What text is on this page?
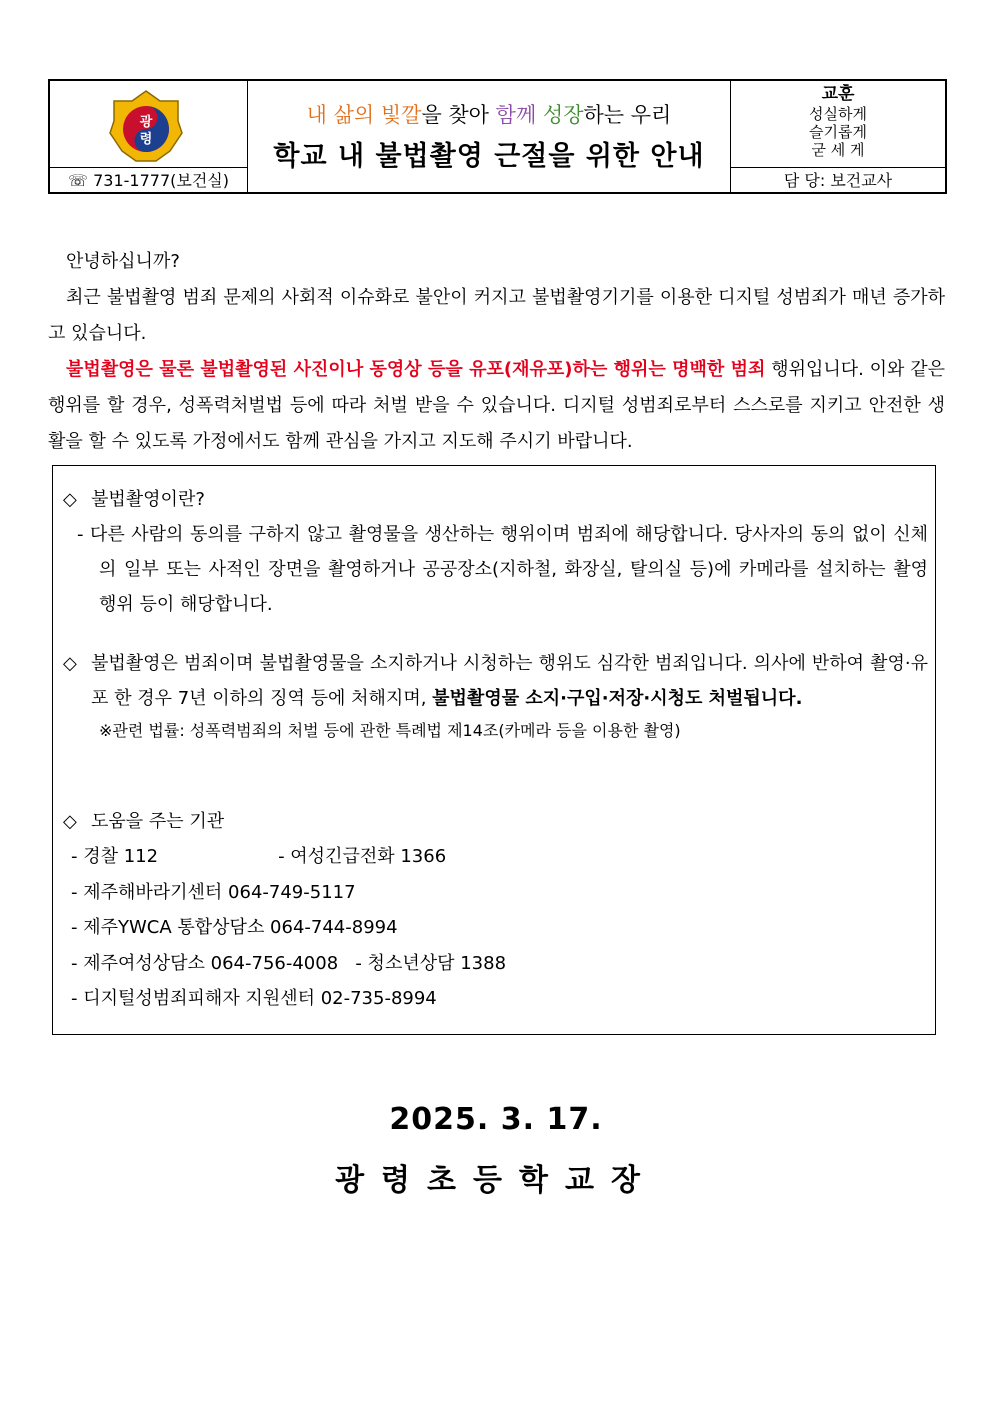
광
령
☏ 731-1777(보건실)
내 삶의 빛깔을 찾아 함께 성장하는 우리
학교 내 불법촬영 근절을 위한 안내
교훈
성실하게
슬기롭게
굳 세 게
담 당: 보건교사

안녕하십니까?

최근 불법촬영 범죄 문제의 사회적 이슈화로 불안이 커지고 불법촬영기기를 이용한 디지털 성범죄가 매년 증가하고 있습니다.

불법촬영은 물론 불법촬영된 사진이나 동영상 등을 유포(재유포)하는 행위는 명백한 범죄 행위입니다. 이와 같은 행위를 할 경우, 성폭력처벌법 등에 따라 처벌 받을 수 있습니다. 디지털 성범죄로부터 스스로를 지키고 안전한 생활을 할 수 있도록 가정에서도 함께 관심을 가지고 지도해 주시기 바랍니다.

◇ 불법촬영이란?

- 다른 사람의 동의를 구하지 않고 촬영물을 생산하는 행위이며 범죄에 해당합니다. 당사자의 동의 없이 신체의 일부 또는 사적인 장면을 촬영하거나 공공장소(지하철, 화장실, 탈의실 등)에 카메라를 설치하는 촬영 행위 등이 해당합니다.

◇ 불법촬영은 범죄이며 불법촬영물을 소지하거나 시청하는 행위도 심각한 범죄입니다. 의사에 반하여 촬영·유포 한 경우 7년 이하의 징역 등에 처해지며, 불법촬영물 소지·구입·저장·시청도 처벌됩니다.

※관련 법률: 성폭력범죄의 처벌 등에 관한 특례법 제14조(카메라 등을 이용한 촬영)

◇ 도움을 주는 기관

- 경찰 112	- 여성긴급전화 1366

- 제주해바라기센터 064-749-5117

- 제주YWCA 통합상담소 064-744-8994

- 제주여성상담소 064-756-4008 - 청소년상담 1388

- 디지털성범죄피해자 지원센터 02-735-8994

2025. 3. 17.
광령초등학교장
